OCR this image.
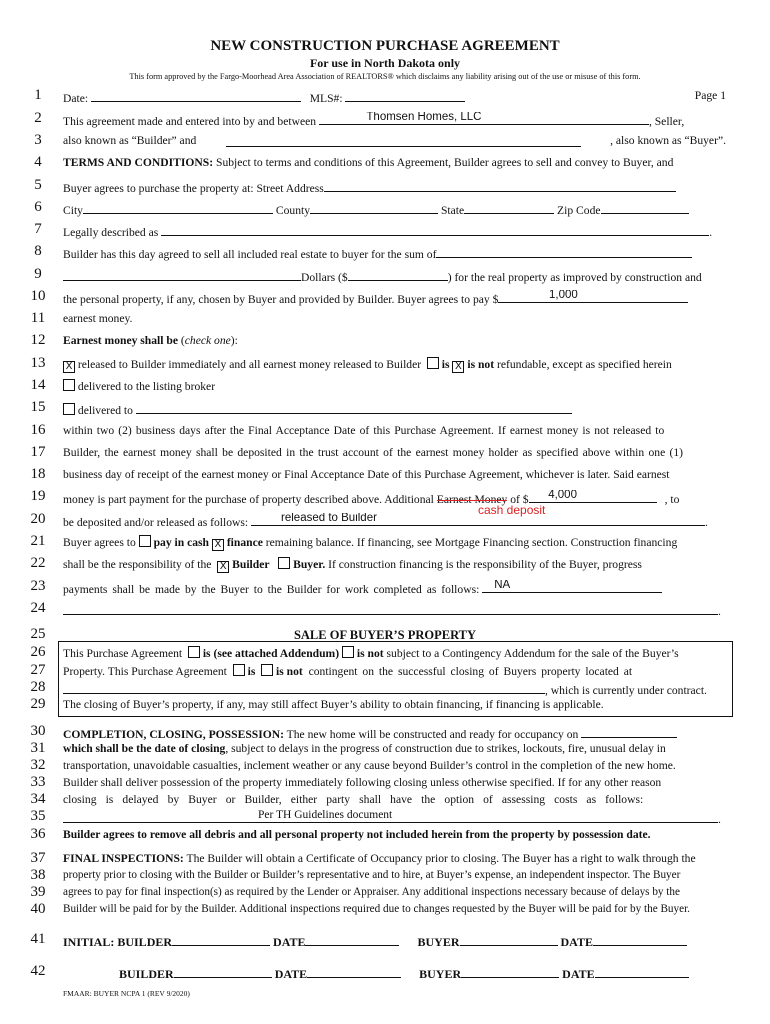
NEW CONSTRUCTION PURCHASE AGREEMENT
For use in North Dakota only
This form approved by the Fargo-Moorhead Area Association of REALTORS® which disclaims any liability arising out of the use or misuse of this form.
1
2
3
4
5
6
7
8
9
10
11
12
13
14
15
16
17
18
19
20
21
22
23
24
25
26
27
28
29
30
31
32
33
34
35
36
37
38
39
40
41
42
Date:	MLS#:	Page 1
This agreement made and entered into by and between	Thomsen Homes, LLC	, Seller,
also known as “Builder” and	, also known as “Buyer”.
TERMS AND CONDITIONS: Subject to terms and conditions of this Agreement, Builder agrees to sell and convey to Buyer, and
Buyer agrees to purchase the property at: Street Address
City	County	State	Zip Code
Legally described as	.
Builder has this day agreed to sell all included real estate to buyer for the sum of
Dollars ($	) for the real property as improved by construction and
the personal property, if any, chosen by Buyer and provided by Builder. Buyer agrees to pay $	1,000
earnest money.
Earnest money shall be (check one):
X released to Builder immediately and all earnest money released to Builder is X is not refundable, except as specified herein
delivered to the listing broker
delivered to
within two (2) business days after the Final Acceptance Date of this Purchase Agreement. If earnest money is not released to
Builder, the earnest money shall be deposited in the trust account of the earnest money holder as specified above within one (1)
business day of receipt of the earnest money or Final Acceptance Date of this Purchase Agreement, whichever is later. Said earnest
money is part payment for the purchase of property described above. Additional Earnest Money
of $	4,000	, to
cash deposit
be deposited and/or released as follows:	released to Builder	.
Buyer agrees to pay in cash X finance remaining balance. If financing, see Mortgage Financing section. Construction financing
shall be the responsibility of the X Builder Buyer. If construction financing is the responsibility of the Buyer, progress
payments shall be made by the Buyer to the Builder for work completed as follows: NA
.
SALE OF BUYER’S PROPERTY
This Purchase Agreement is (see attached Addendum) is not subject to a Contingency Addendum for the sale of the Buyer’s
Property. This Purchase Agreement is is not contingent on the successful closing of Buyers property located at
, which is currently under contract.
The closing of Buyer’s property, if any, may still affect Buyer’s ability to obtain financing, if financing is applicable.
COMPLETION, CLOSING, POSSESSION: The new home will be constructed and ready for occupancy on
which shall be the date of closing, subject to delays in the progress of construction due to strikes, lockouts, fire, unusual delay in
transportation, unavoidable casualties, inclement weather or any cause beyond Builder’s control in the completion of the new home.
Builder shall deliver possession of the property immediately following closing unless otherwise specified. If for any other reason
closing is delayed by Buyer or Builder, either party shall have the option of assessing costs as follows:
Per TH Guidelines document	.
Builder agrees to remove all debris and all personal property not included herein from the property by possession date.
FINAL INSPECTIONS: The Builder will obtain a Certificate of Occupancy prior to closing. The Buyer has a right to walk through the
property prior to closing with the Builder or Builder’s representative and to hire, at Buyer’s expense, an independent inspector. The Buyer
agrees to pay for final inspection(s) as required by the Lender or Appraiser. Any additional inspections necessary because of delays by the
Builder will be paid for by the Builder. Additional inspections required due to changes requested by the Buyer will be paid for by the Buyer.
INITIAL: BUILDER	DATE	BUYER	DATE
BUILDER	DATE	BUYER	DATE
FMAAR: BUYER NCPA 1 (REV 9/2020)
